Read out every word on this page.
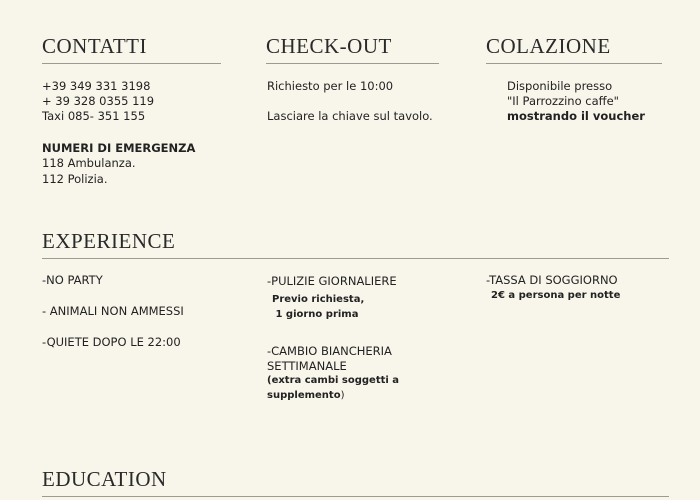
CONTATTI
+39 349 331 3198
+ 39 328 0355 119
Taxi 085- 351 155
NUMERI DI EMERGENZA
118 Ambulanza.
112 Polizia.
CHECK-OUT
Richiesto per le 10:00
Lasciare la chiave sul tavolo.
COLAZIONE
Disponibile presso
"Il Parrozzino caffe"
mostrando il voucher
EXPERIENCE
-NO PARTY
- ANIMALI NON AMMESSI
-QUIETE DOPO LE 22:00
-PULIZIE GIORNALIERE
Previo richiesta,
1 giorno prima
-CAMBIO BIANCHERIA
SETTIMANALE
(extra cambi soggetti a
supplemento)
-TASSA DI SOGGIORNO
2€ a persona per notte
EDUCATION
